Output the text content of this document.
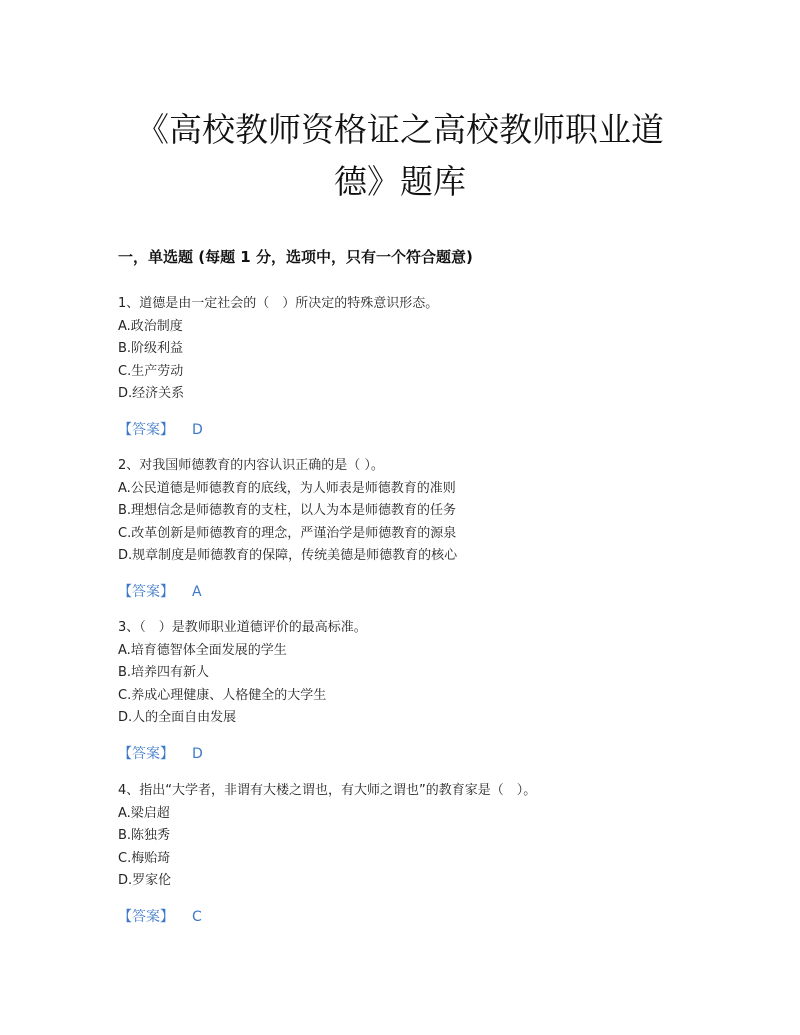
《高校教师资格证之高校教师职业道
德》题库
一，单选题 (每题 1 分，选项中，只有一个符合题意)
1、道德是由一定社会的（　）所决定的特殊意识形态。
A.政治制度
B.阶级利益
C.生产劳动
D.经济关系
【答案】 D
2、对我国师德教育的内容认识正确的是（ ）。
A.公民道德是师德教育的底线，为人师表是师德教育的准则
B.理想信念是师德教育的支柱，以人为本是师德教育的任务
C.改革创新是师德教育的理念，严谨治学是师德教育的源泉
D.规章制度是师德教育的保障，传统美德是师德教育的核心
【答案】 A
3、（　）是教师职业道德评价的最高标准。
A.培育德智体全面发展的学生
B.培养四有新人
C.养成心理健康、人格健全的大学生
D.人的全面自由发展
【答案】 D
4、指出“大学者，非谓有大楼之谓也，有大师之谓也”的教育家是（　）。
A.梁启超
B.陈独秀
C.梅贻琦
D.罗家伦
【答案】 C
